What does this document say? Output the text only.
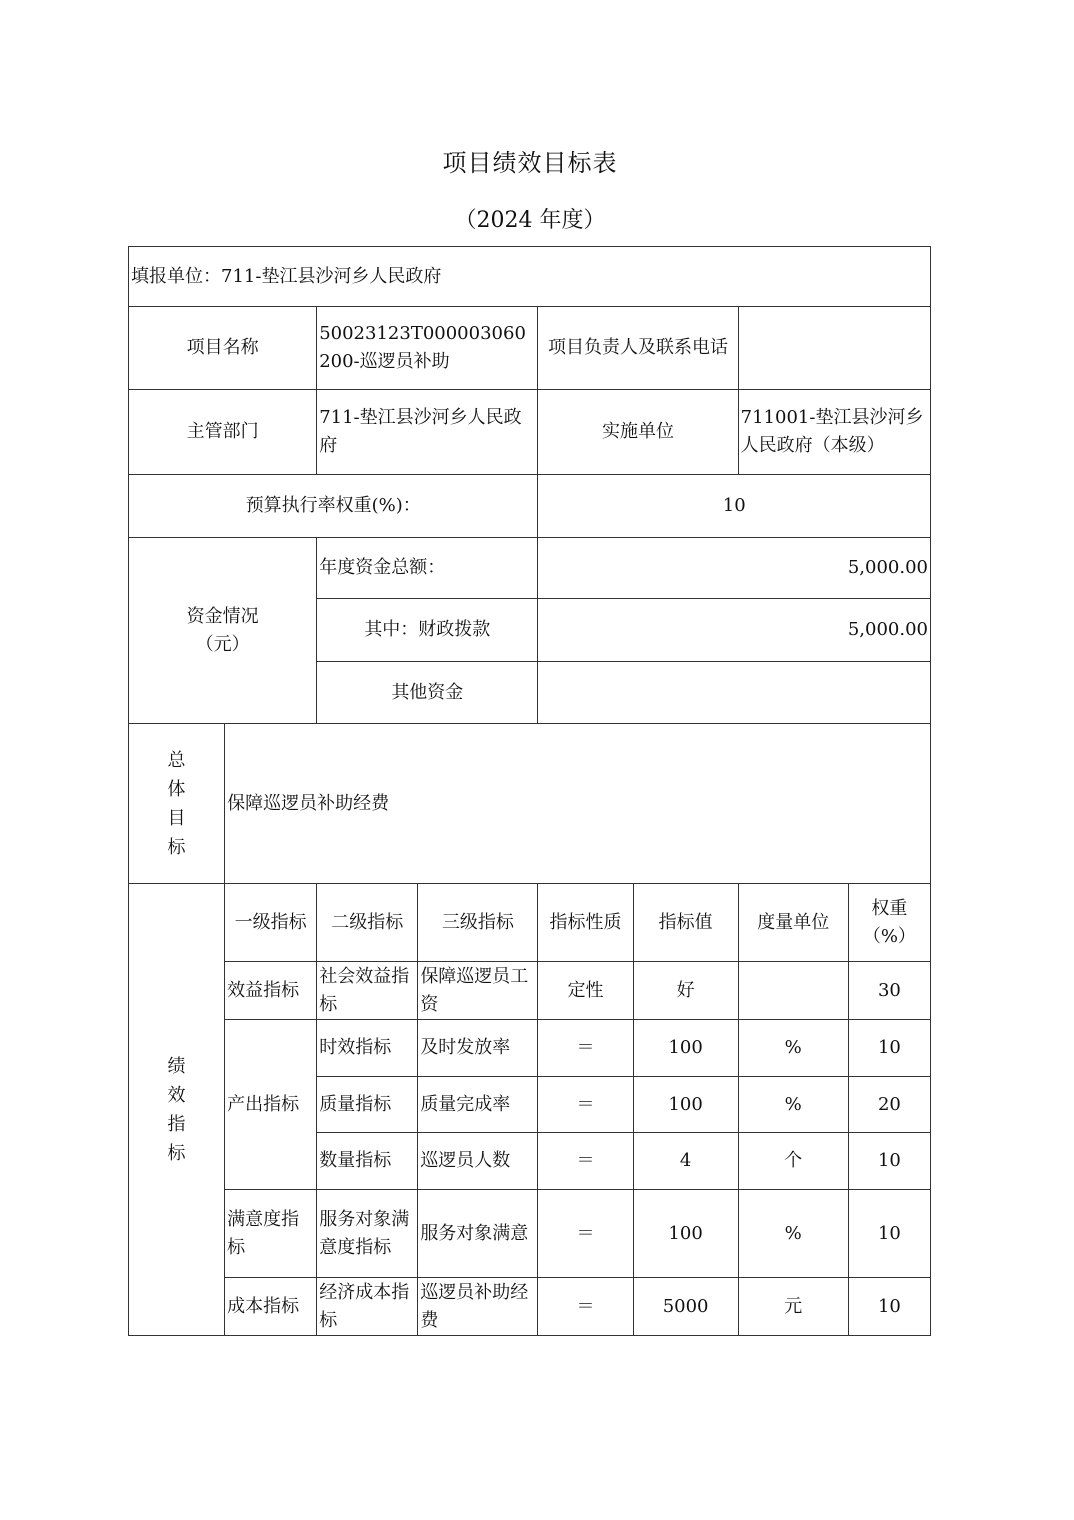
项目绩效目标表
（2024 年度）
填报单位：711-垫江县沙河乡人民政府							
项目名称		50023123T000003060200-巡逻员补助		项目负责人及联系电话			
主管部门		711-垫江县沙河乡人民政府		实施单位		711001-垫江县沙河乡人民政府（本级）	
预算执行率权重(%)：				10			
资金情况（元）		年度资金总额：		5,000.00			
		其中：财政拨款		5,000.00			
		其他资金					
总体目标	保障巡逻员补助经费						
绩效指标	一级指标	二级指标	三级指标	指标性质	指标值	度量单位	权重（%）
	效益指标	社会效益指标	保障巡逻员工资	定性	好		30
	产出指标	时效指标	及时发放率	＝	100	%	10
		质量指标	质量完成率	＝	100	%	20
		数量指标	巡逻员人数	＝	4	个	10
	满意度指标	服务对象满意度指标	服务对象满意	＝	100	%	10
	成本指标	经济成本指标	巡逻员补助经费	＝	5000	元	10
